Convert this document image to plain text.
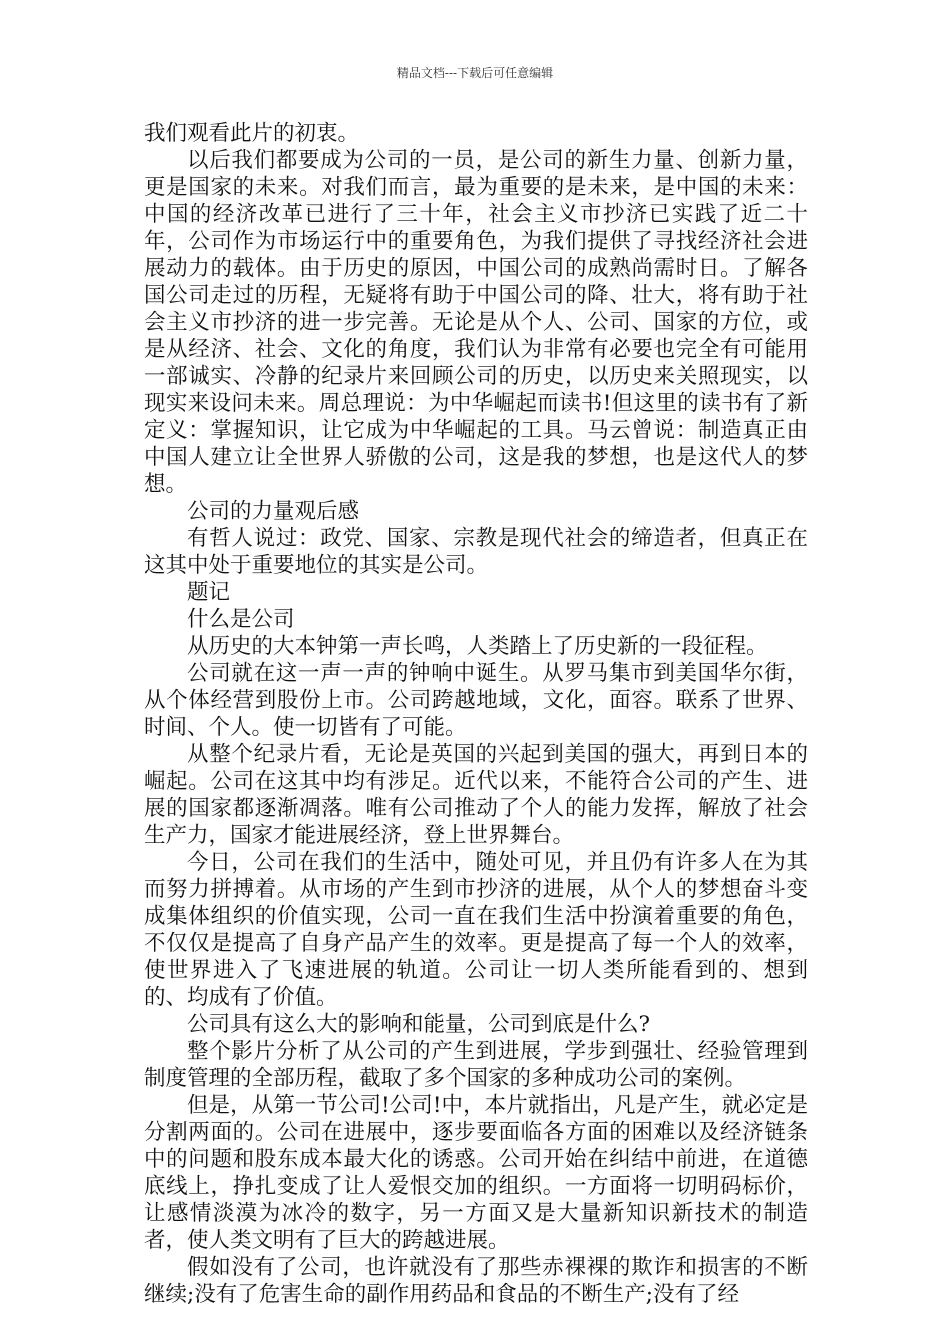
精品文档---下载后可任意编辑

我们观看此片的初衷。

以后我们都要成为公司的一员，是公司的新生力量、创新力量，更是国家的未来。对我们而言，最为重要的是未来，是中国的未来：中国的经济改革已进行了三十年，社会主义市抄济已实践了近二十年，公司作为市场运行中的重要角色，为我们提供了寻找经济社会进展动力的载体。由于历史的原因，中国公司的成熟尚需时日。了解各国公司走过的历程，无疑将有助于中国公司的降、壮大，将有助于社会主义市抄济的进一步完善。无论是从个人、公司、国家的方位，或是从经济、社会、文化的角度，我们认为非常有必要也完全有可能用一部诚实、冷静的纪录片来回顾公司的历史，以历史来关照现实，以现实来设问未来。周总理说：为中华崛起而读书!但这里的读书有了新定义：掌握知识，让它成为中华崛起的工具。马云曾说：制造真正由中国人建立让全世界人骄傲的公司，这是我的梦想，也是这代人的梦想。

公司的力量观后感

有哲人说过：政党、国家、宗教是现代社会的缔造者，但真正在这其中处于重要地位的其实是公司。

题记

什么是公司

从历史的大本钟第一声长鸣，人类踏上了历史新的一段征程。

公司就在这一声一声的钟响中诞生。从罗马集市到美国华尔街，从个体经营到股份上市。公司跨越地域，文化，面容。联系了世界、时间、个人。使一切皆有了可能。

从整个纪录片看，无论是英国的兴起到美国的强大，再到日本的崛起。公司在这其中均有涉足。近代以来，不能符合公司的产生、进展的国家都逐渐凋落。唯有公司推动了个人的能力发挥，解放了社会生产力，国家才能进展经济，登上世界舞台。

今日，公司在我们的生活中，随处可见，并且仍有许多人在为其而努力拼搏着。从市场的产生到市抄济的进展，从个人的梦想奋斗变成集体组织的价值实现，公司一直在我们生活中扮演着重要的角色，不仅仅是提高了自身产品产生的效率。更是提高了每一个人的效率，使世界进入了飞速进展的轨道。公司让一切人类所能看到的、想到的、均成有了价值。

公司具有这么大的影响和能量，公司到底是什么?

整个影片分析了从公司的产生到进展，学步到强壮、经验管理到制度管理的全部历程，截取了多个国家的多种成功公司的案例。

但是，从第一节公司!公司!中，本片就指出，凡是产生，就必定是分割两面的。公司在进展中，逐步要面临各方面的困难以及经济链条中的问题和股东成本最大化的诱惑。公司开始在纠结中前进，在道德底线上，挣扎变成了让人爱恨交加的组织。一方面将一切明码标价，让感情淡漠为冰冷的数字，另一方面又是大量新知识新技术的制造者，使人类文明有了巨大的跨越进展。

假如没有了公司，也许就没有了那些赤裸裸的欺诈和损害的不断继续;没有了危害生命的副作用药品和食品的不断生产;没有了经
